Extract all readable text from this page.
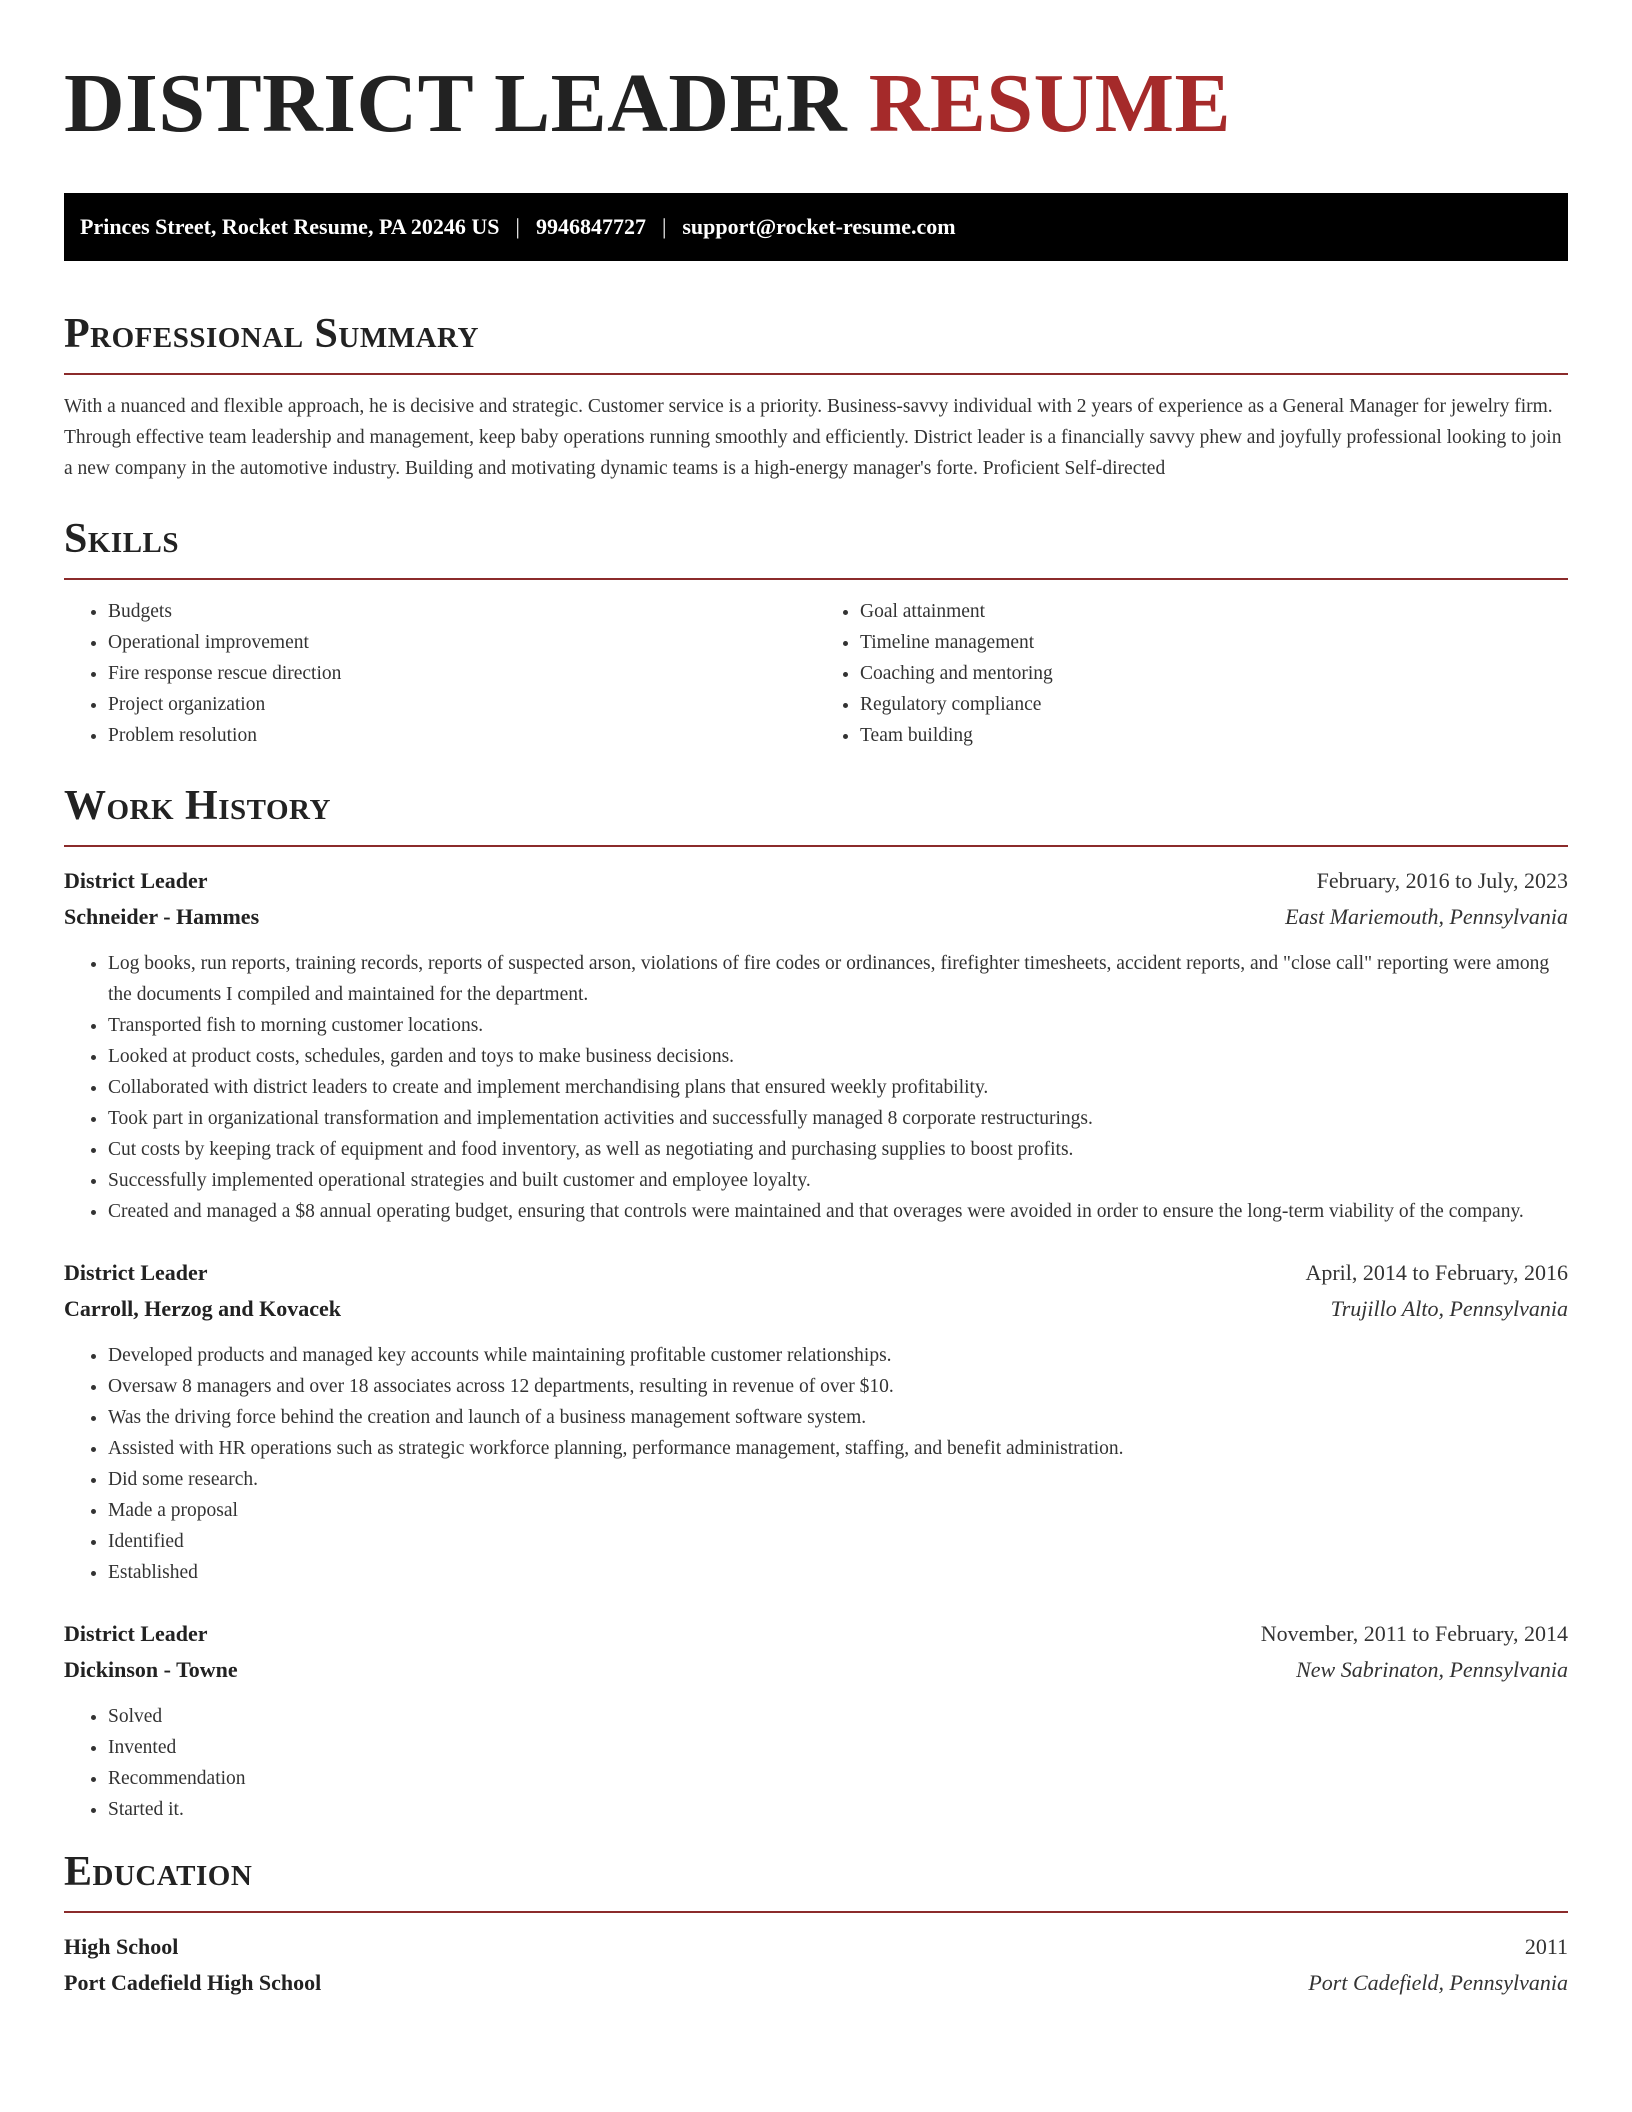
DISTRICT LEADER RESUME
Princes Street, Rocket Resume, PA 20246 US | 9946847727 | support@rocket-resume.com
Professional Summary

With a nuanced and flexible approach, he is decisive and strategic. Customer service is a priority. Business-savvy individual with 2 years of experience as a General Manager for jewelry firm. Through effective team leadership and management, keep baby operations running smoothly and efficiently. District leader is a financially savvy phew and joyfully professional looking to join a new company in the automotive industry. Building and motivating dynamic teams is a high-energy manager's forte. Proficient Self-directed

Skills
• Budgets
• Operational improvement
• Fire response rescue direction
• Project organization
• Problem resolution
• Goal attainment
• Timeline management
• Coaching and mentoring
• Regulatory compliance
• Team building
Work History
District Leader	February, 2016 to July, 2023
Schneider - Hammes	East Mariemouth, Pennsylvania
• Log books, run reports, training records, reports of suspected arson, violations of fire codes or ordinances, firefighter timesheets, accident reports, and "close call" reporting were among the documents I compiled and maintained for the department.
• Transported fish to morning customer locations.
• Looked at product costs, schedules, garden and toys to make business decisions.
• Collaborated with district leaders to create and implement merchandising plans that ensured weekly profitability.
• Took part in organizational transformation and implementation activities and successfully managed 8 corporate restructurings.
• Cut costs by keeping track of equipment and food inventory, as well as negotiating and purchasing supplies to boost profits.
• Successfully implemented operational strategies and built customer and employee loyalty.
• Created and managed a $8 annual operating budget, ensuring that controls were maintained and that overages were avoided in order to ensure the long-term viability of the company.
District Leader	April, 2014 to February, 2016
Carroll, Herzog and Kovacek	Trujillo Alto, Pennsylvania
• Developed products and managed key accounts while maintaining profitable customer relationships.
• Oversaw 8 managers and over 18 associates across 12 departments, resulting in revenue of over $10.
• Was the driving force behind the creation and launch of a business management software system.
• Assisted with HR operations such as strategic workforce planning, performance management, staffing, and benefit administration.
• Did some research.
• Made a proposal
• Identified
• Established
District Leader	November, 2011 to February, 2014
Dickinson - Towne	New Sabrinaton, Pennsylvania
• Solved
• Invented
• Recommendation
• Started it.
Education
High School	2011
Port Cadefield High School	Port Cadefield, Pennsylvania
